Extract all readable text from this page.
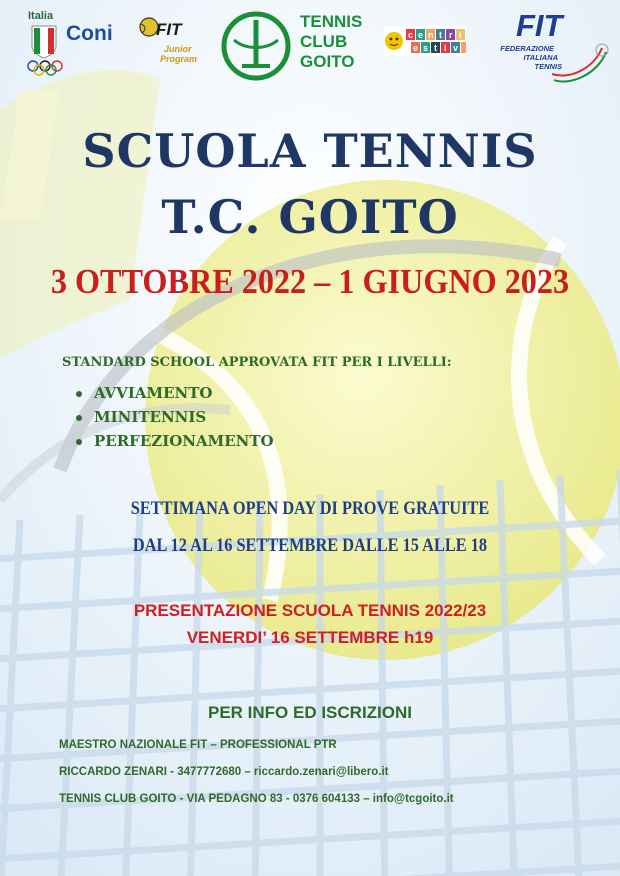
Italia
Coni	FIT
Junior
Program
TENNIS
CLUB
GOITO
c e n t r i
e s t i v
FIT
FEDERAZIONE
ITALIANA
TENNIS
SCUOLA TENNIS
T.C. GOITO
3 OTTOBRE 2022 – 1 GIUGNO 2023
STANDARD SCHOOL APPROVATA FIT PER I LIVELLI:
AVVIAMENTO
MINITENNIS
PERFEZIONAMENTO
SETTIMANA OPEN DAY DI PROVE GRATUITE
DAL 12 AL 16 SETTEMBRE DALLE 15 ALLE 18
PRESENTAZIONE SCUOLA TENNIS 2022/23
VENERDI’ 16 SETTEMBRE h19
PER INFO ED ISCRIZIONI
MAESTRO NAZIONALE FIT – PROFESSIONAL PTR
RICCARDO ZENARI - 3477772680 – riccardo.zenari@libero.it
TENNIS CLUB GOITO - VIA PEDAGNO 83 - 0376 604133 – info@tcgoito.it
